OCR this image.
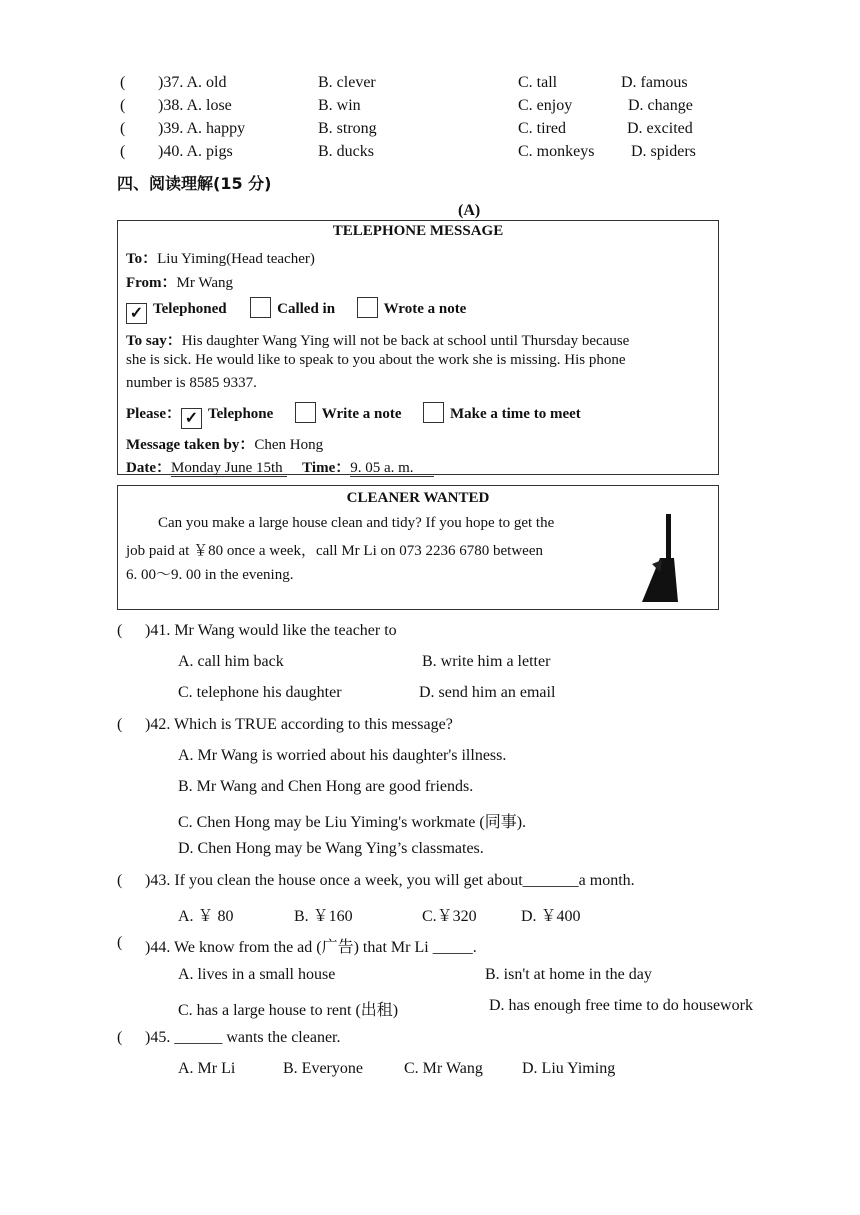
( )37. A. old	B. clever	C. tall	D. famous
( )38. A. lose	B. win	C. enjoy	D. change
( )39. A. happy	B. strong	C. tired	D. excited
( )40. A. pigs	B. ducks	C. monkeys D. spiders
四、阅读理解(15 分)
(A)
TELEPHONE MESSAGE
To：Liu Yiming(Head teacher)
From：Mr Wang
✓ Telephoned	Called in	Wrote a note
To say：His daughter Wang Ying will not be back at school until Thursday because
she is sick. He would like to speak to you about the work she is missing. His phone
number is 8585 9337.
Please： ✓ Telephone	Write a note	Make a time to meet
Message taken by：Chen Hong
Date：Monday June 15th Time：9. 05 a. m.
CLEANER WANTED
Can you make a large house clean and tidy? If you hope to get the
job paid at ￥80 once a week，call Mr Li on 073 2236 6780 between
6. 00～9. 00 in the evening.
( )41. Mr Wang would like the teacher to
A. call him back	B. write him a letter
C. telephone his daughter	D. send him an email
( )42. Which is TRUE according to this message?
A. Mr Wang is worried about his daughter's illness.
B. Mr Wang and Chen Hong are good friends.
C. Chen Hong may be Liu Yiming's workmate (同事).
D. Chen Hong may be Wang Ying’s classmates.
( )43. If you clean the house once a week, you will get about_______a month.
A. ￥ 80	B. ￥160	C.￥320	D. ￥400
( )44. We know from the ad (广告) that Mr Li _____.
A. lives in a small house	B. isn't at home in the day
C. has a large house to rent (出租)	D. has enough free time to do housework
( )45. ______ wants the cleaner.
A. Mr Li	B. Everyone	C. Mr Wang D. Liu Yiming
